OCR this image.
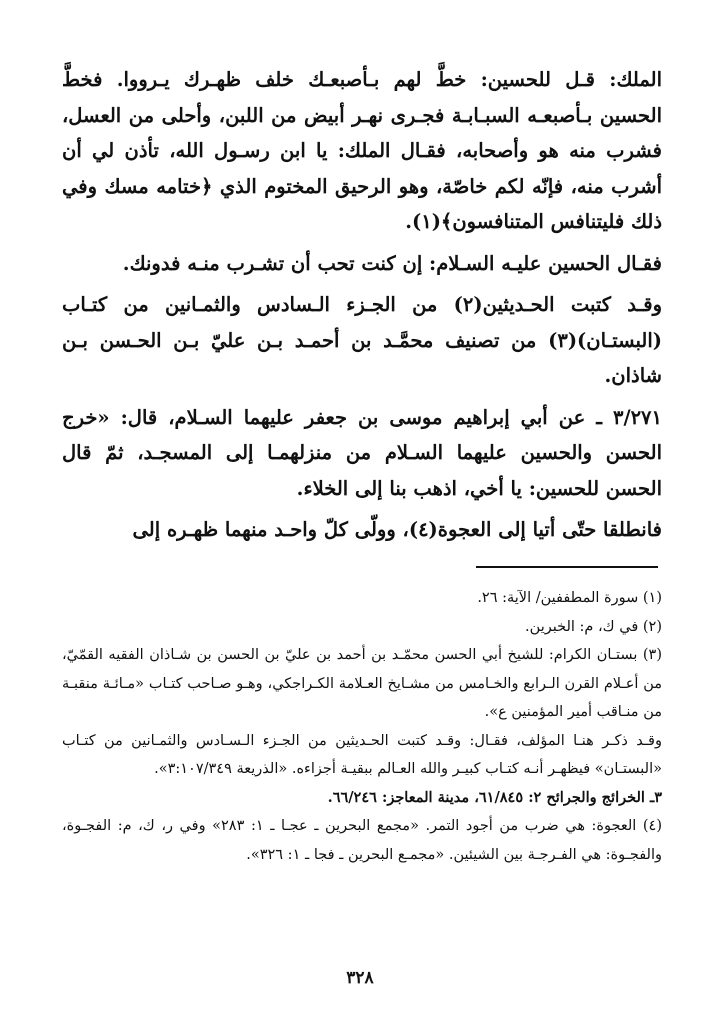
الملك: قـل للحسين: خطَّ لهم بـأصبعـك خلف ظهـرك يـرووا. فخطَّ الحسين بـأصبعـه السبـابـة فجـرى نهـر أبيض من اللبن، وأحلى من العسل، فشرب منه هو وأصحابه، فقـال الملك: يا ابن رسـول الله، تأذن لي أن أشرب منه، فإنّه لكم خاصّة، وهو الرحيق المختوم الذي ﴿ختامه مسك وفي ذلك فليتنافس المتنافسون﴾(١).

فقـال الحسين عليـه السـلام: إن كنت تحب أن تشـرب منـه فدونك.

وقـد كتبت الحـديثين(٢) من الجـزء الـسادس والثمـانين من كتـاب (البستـان)(٣) من تصنيف محمَّـد بن أحمـد بـن عليّ بـن الحـسن بـن شاذان.

٣/٢٧١ ـ عن أبي إبراهيم موسى بن جعفر عليهما السـلام، قال: «خرج الحسن والحسين عليهما السـلام من منزلهمـا إلى المسجـد، ثمّ قال الحسن للحسين: يا أخي، اذهب بنا إلى الخلاء.

فانطلقا حتّى أتيا إلى العجوة(٤)، وولّى كلّ واحـد منهما ظهـره إلى

(١) سورة المطففين/ الآية: ٢٦.

(٢) في ك، م: الخبرين.

(٣) بستـان الكرام: للشيخ أبي الحسن محمّـد بن أحمد بن عليّ بن الحسن بن شـاذان الفقيه القمّيّ، من أعـلام القرن الـرابع والخـامس من مشـايخ العـلامة الكـراجكي، وهـو صـاحب كتـاب «مـائـة منقبـة من منـاقب أمير المؤمنين ع».

وقـد ذكـر هنـا المؤلف، فقـال: وقـد كتبت الحـديثين من الجـزء الـسـادس والثمـانين من كتـاب «البستـان» فيظهـر أنـه كتـاب كبيـر والله العـالم ببقيـة أجزاءه. «الذريعة ٣:١٠٧/٣٤٩».

٣ـ الخرائج والجرائح ٢: ٦١/٨٤٥، مدينة المعاجز: ٦٦/٢٤٦.

(٤) العجوة: هي ضرب من أجود التمر. «مجمع البحرين ـ عجـا ـ ١: ٢٨٣» وفي ر، ك، م: الفجـوة، والفجـوة: هي الفـرجـة بين الشيئين. «مجمـع البحرين ـ فجا ـ ١: ٣٢٦».

٣٢٨
